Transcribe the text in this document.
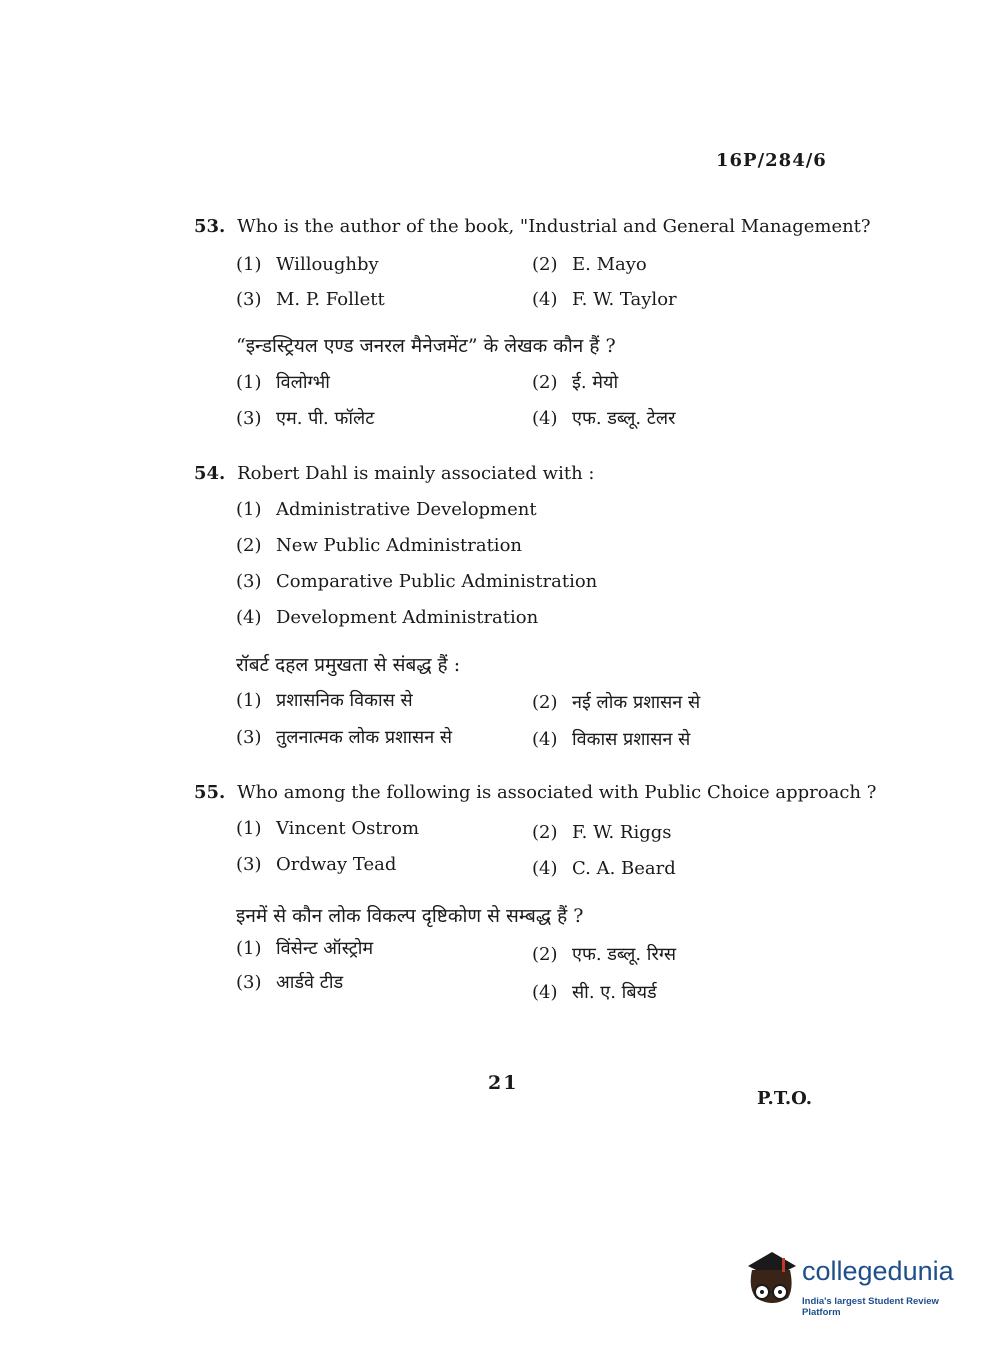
16P/284/6
53. Who is the author of the book, "Industrial and General Management?
(1) Willoughby	(2) E. Mayo
(3) M. P. Follett	(4) F. W. Taylor
“इन्डस्ट्रियल एण्ड जनरल मैनेजमेंट” के लेखक कौन हैं ?
(1) विलोग्भी	(2) ई. मेयो
(3) एम. पी. फॉलेट	(4) एफ. डब्लू. टेलर
54. Robert Dahl is mainly associated with :
(1) Administrative Development
(2) New Public Administration
(3) Comparative Public Administration
(4) Development Administration
रॉबर्ट दहल प्रमुखता से संबद्ध हैं :
(1) प्रशासनिक विकास से	(2) नई लोक प्रशासन से
(3) तुलनात्मक लोक प्रशासन से	(4) विकास प्रशासन से
55. Who among the following is associated with Public Choice approach ?
(1) Vincent Ostrom	(2) F. W. Riggs
(3) Ordway Tead	(4) C. A. Beard
इनमें से कौन लोक विकल्प दृष्टिकोण से सम्बद्ध हैं ?
(1) विंसेन्ट ऑस्ट्रोम	(2) एफ. डब्लू. रिग्स
(3) आर्डवे टीड	(4) सी. ए. बियर्ड
21
P.T.O.
collegedunia
India's largest Student Review Platform
